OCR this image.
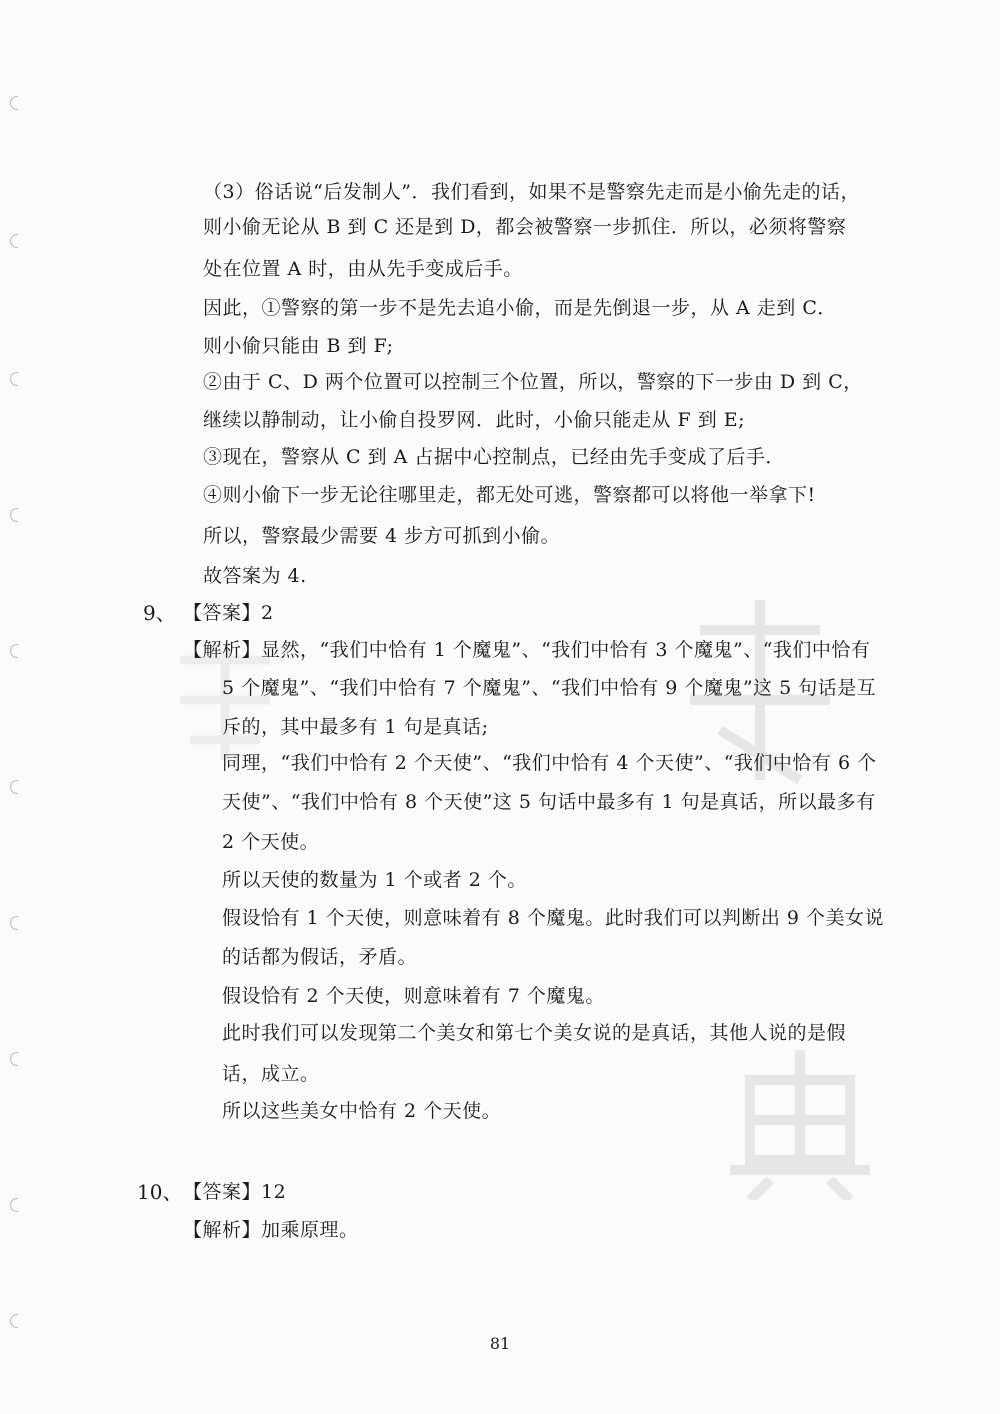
（3）俗话说“后发制人”．我们看到，如果不是警察先走而是小偷先走的话，
则小偷无论从 B 到 C 还是到 D，都会被警察一步抓住．所以，必须将警察
处在位置 A 时，由从先手变成后手。
因此，①警察的第一步不是先去追小偷，而是先倒退一步，从 A 走到 C．
则小偷只能由 B 到 F;
②由于 C、D 两个位置可以控制三个位置，所以，警察的下一步由 D 到 C，
继续以静制动，让小偷自投罗网．此时，小偷只能走从 F 到 E;
③现在，警察从 C 到 A 占据中心控制点，已经由先手变成了后手．
④则小偷下一步无论往哪里走，都无处可逃，警察都可以将他一举拿下!
所以，警察最少需要 4 步方可抓到小偷。
故答案为 4.
9、 【答案】2
【解析】 显然，“我们中恰有 1 个魔鬼”、“我们中恰有 3 个魔鬼”、“我们中恰有
5 个魔鬼”、“我们中恰有 7 个魔鬼”、“我们中恰有 9 个魔鬼”这 5 句话是互
斥的，其中最多有 1 句是真话;
同理，“我们中恰有 2 个天使”、“我们中恰有 4 个天使”、“我们中恰有 6 个
天使”、“我们中恰有 8 个天使”这 5 句话中最多有 1 句是真话，所以最多有
2 个天使。
所以天使的数量为 1 个或者 2 个。
假设恰有 1 个天使，则意味着有 8 个魔鬼。此时我们可以判断出 9 个美女说
的话都为假话，矛盾。
假设恰有 2 个天使，则意味着有 7 个魔鬼。
此时我们可以发现第二个美女和第七个美女说的是真话，其他人说的是假
话，成立。
所以这些美女中恰有 2 个天使。
10、 【答案】12
【解析】加乘原理。
81
